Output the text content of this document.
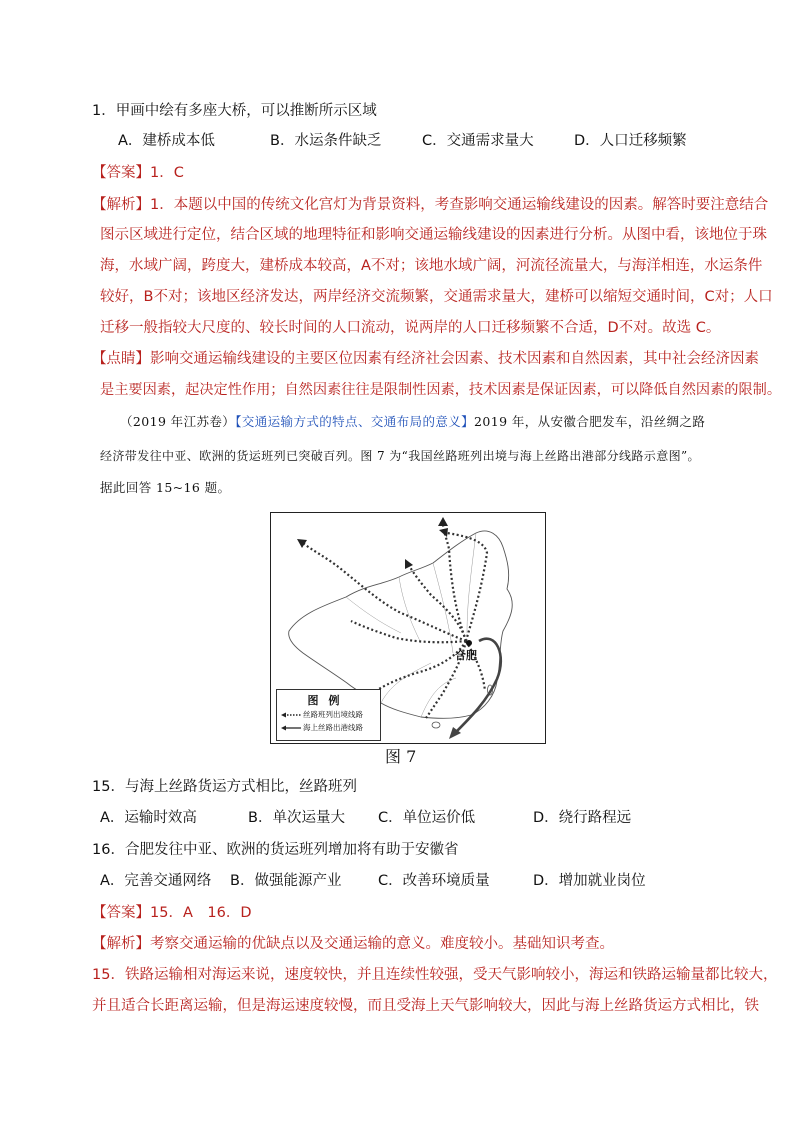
1．甲画中绘有多座大桥，可以推断所示区域
A．建桥成本低	B．水运条件缺乏	C．交通需求量大	D．人口迁移频繁
【答案】1．C
【解析】1．本题以中国的传统文化宫灯为背景资料，考查影响交通运输线建设的因素。解答时要注意结合
图示区域进行定位，结合区域的地理特征和影响交通运输线建设的因素进行分析。从图中看，该地位于珠
海，水域广阔，跨度大，建桥成本较高，A不对；该地水域广阔，河流径流量大，与海洋相连，水运条件
较好，B不对；该地区经济发达，两岸经济交流频繁，交通需求量大，建桥可以缩短交通时间，C对；人口
迁移一般指较大尺度的、较长时间的人口流动，说两岸的人口迁移频繁不合适，D不对。故选 C。
【点睛】影响交通运输线建设的主要区位因素有经济社会因素、技术因素和自然因素，其中社会经济因素
是主要因素，起决定性作用；自然因素往往是限制性因素，技术因素是保证因素，可以降低自然因素的限制。
（2019 年江苏卷）【交通运输方式的特点、交通布局的意义】2019 年，从安徽合肥发车，沿丝绸之路
经济带发往中亚、欧洲的货运班列已突破百列。图 7 为“我国丝路班列出境与海上丝路出港部分线路示意图”。
据此回答 15~16 题。
合肥
图例
丝路班列出境线路
海上丝路出港线路
图 7
15．与海上丝路货运方式相比，丝路班列
A．运输时效高	B．单次运量大 C．单位运价低	D．绕行路程远
16．合肥发往中亚、欧洲的货运班列增加将有助于安徽省
A．完善交通网络 B．做强能源产业	C．改善环境质量	D．增加就业岗位
【答案】15．A　16．D
【解析】考察交通运输的优缺点以及交通运输的意义。难度较小。基础知识考查。
15．铁路运输相对海运来说，速度较快，并且连续性较强，受天气影响较小，海运和铁路运输量都比较大，
并且适合长距离运输，但是海运速度较慢，而且受海上天气影响较大，因此与海上丝路货运方式相比，铁
